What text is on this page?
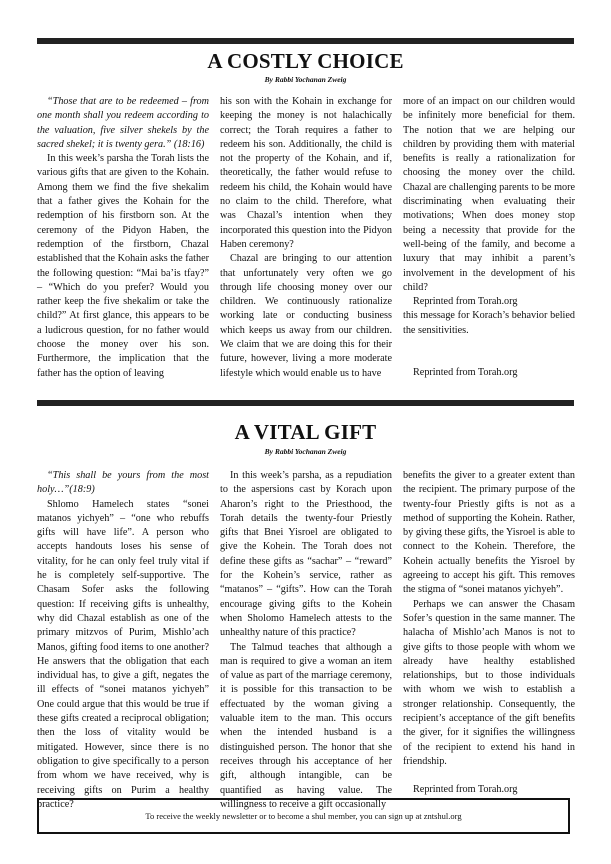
A COSTLY CHOICE
By Rabbi Yochanan Zweig

“Those that are to be redeemed – from one month shall you redeem according to the valuation, five silver shekels by the sacred shekel; it is twenty gera.” (18:16)

In this week’s parsha the Torah lists the various gifts that are given to the Kohain. Among them we find the five shekalim that a father gives the Kohain for the redemption of his firstborn son. At the ceremony of the Pidyon Haben, the redemption of the firstborn, Chazal established that the Kohain asks the father the following question: “Mai ba’is tfay?” – “Which do you prefer? Would you rather keep the five shekalim or take the child?” At first glance, this appears to be a ludicrous question, for no father would choose the money over his son. Furthermore, the implication that the father has the option of leaving

his son with the Kohain in exchange for keeping the money is not halachically correct; the Torah requires a father to redeem his son. Additionally, the child is not the property of the Kohain, and if, theoretically, the father would refuse to redeem his child, the Kohain would have no claim to the child. Therefore, what was Chazal’s intention when they incorporated this question into the Pidyon Haben ceremony?

Chazal are bringing to our attention that unfortunately very often we go through life choosing money over our children. We continuously rationalize working late or conducting business which keeps us away from our children. We claim that we are doing this for their future, however, living a more moderate lifestyle which would enable us to have

more of an impact on our children would be infinitely more beneficial for them. The notion that we are helping our children by providing them with material benefits is really a rationalization for choosing the money over the child. Chazal are challenging parents to be more discriminating when evaluating their motivations; When does money stop being a necessity that provide for the well-being of the family, and become a luxury that may inhibit a parent’s involvement in the development of his child?

Reprinted from Torah.org

this message for Korach’s behavior belied the sensitivities.

Reprinted from Torah.org

A VITAL GIFT
By Rabbi Yochanan Zweig

“This shall be yours from the most holy…”(18:9)

Shlomo Hamelech states “sonei matanos yichyeh” – “one who rebuffs gifts will have life”. A person who accepts handouts loses his sense of vitality, for he can only feel truly vital if he is completely self-supportive. The Chasam Sofer asks the following question: If receiving gifts is unhealthy, why did Chazal establish as one of the primary mitzvos of Purim, Mishlo’ach Manos, gifting food items to one another? He answers that the obligation that each individual has, to give a gift, negates the ill effects of “sonei matanos yichyeh” One could argue that this would be true if these gifts created a reciprocal obligation; then the loss of vitality would be mitigated. However, since there is no obligation to give specifically to a person from whom we have received, why is receiving gifts on Purim a healthy practice?

In this week’s parsha, as a repudiation to the aspersions cast by Korach upon Aharon’s right to the Priesthood, the Torah details the twenty-four Priestly gifts that Bnei Yisroel are obligated to give the Kohein. The Torah does not define these gifts as “sachar” – “reward” for the Kohein’s service, rather as “matanos” – “gifts”. How can the Torah encourage giving gifts to the Kohein when Sholomo Hamelech attests to the unhealthy nature of this practice?

The Talmud teaches that although a man is required to give a woman an item of value as part of the marriage ceremony, it is possible for this transaction to be effectuated by the woman giving a valuable item to the man. This occurs when the intended husband is a distinguished person. The honor that she receives through his acceptance of her gift, although intangible, can be quantified as having value. The willingness to receive a gift occasionally

benefits the giver to a greater extent than the recipient. The primary purpose of the twenty-four Priestly gifts is not as a method of supporting the Kohein. Rather, by giving these gifts, the Yisroel is able to connect to the Kohein. Therefore, the Kohein actually benefits the Yisroel by agreeing to accept his gift. This removes the stigma of “sonei matanos yichyeh”.

Perhaps we can answer the Chasam Sofer’s question in the same manner. The halacha of Mishlo’ach Manos is not to give gifts to those people with whom we already have healthy established relationships, but to those individuals with whom we wish to establish a stronger relationship. Consequently, the recipient’s acceptance of the gift benefits the giver, for it signifies the willingness of the recipient to extend his hand in friendship.

Reprinted from Torah.org

To receive the weekly newsletter or to become a shul member, you can sign up at zntshul.org
